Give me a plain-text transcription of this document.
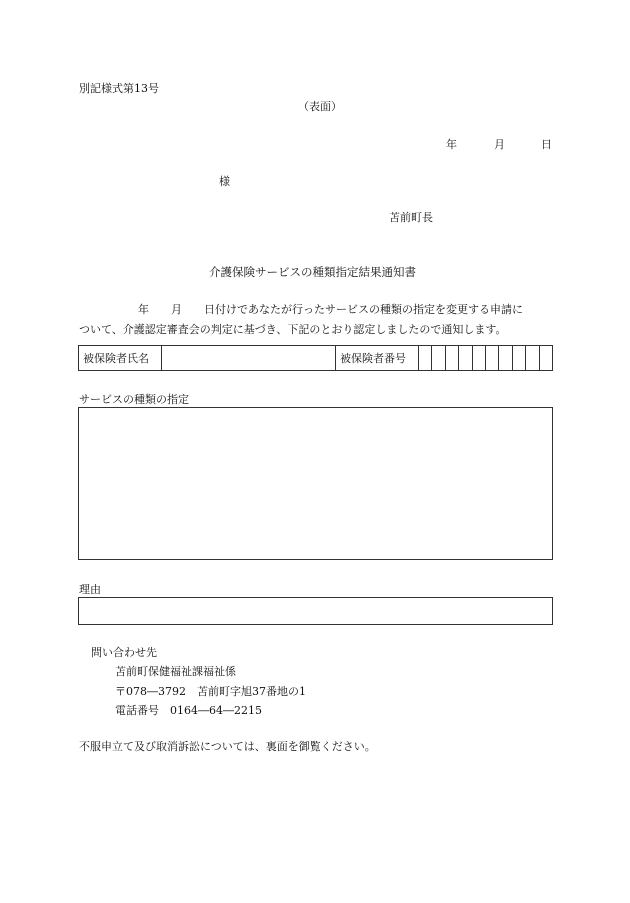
別記様式第13号
（表面）
年	月	日
様
苫前町長
介護保険サービスの種類指定結果通知書
年 月 日付けであなたが行ったサービスの種類の指定を変更する申請に
ついて、介護認定審査会の判定に基づき、下記のとおり認定しましたので通知します。
被保険者氏名	被保険者番号
サービスの種類の指定
理由
問い合わせ先
苫前町保健福祉課福祉係
〒078―3792　苫前町字旭37番地の1
電話番号　0164―64―2215
不服申立て及び取消訴訟については、裏面を御覧ください。
